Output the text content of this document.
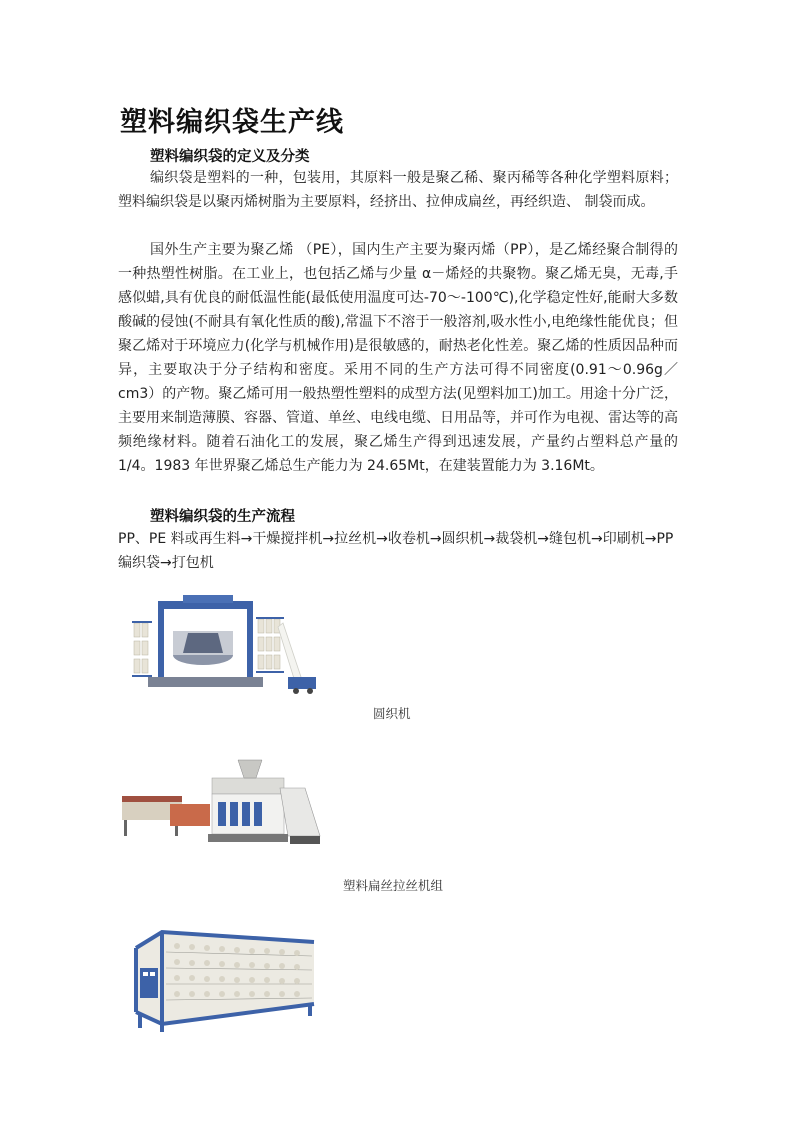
塑料编织袋生产线
塑料编织袋的定义及分类
编织袋是塑料的一种，包装用，其原料一般是聚乙稀、聚丙稀等各种化学塑料原料；塑料编织袋是以聚丙烯树脂为主要原料，经挤出、拉伸成扁丝，再经织造、 制袋而成。
国外生产主要为聚乙烯 （PE），国内生产主要为聚丙烯（PP），是乙烯经聚合制得的一种热塑性树脂。在工业上，也包括乙烯与少量 α－烯烃的共聚物。聚乙烯无臭，无毒,手感似蜡,具有优良的耐低温性能(最低使用温度可达-70～-100℃),化学稳定性好,能耐大多数酸碱的侵蚀(不耐具有氧化性质的酸),常温下不溶于一般溶剂,吸水性小,电绝缘性能优良；但聚乙烯对于环境应力(化学与机械作用)是很敏感的，耐热老化性差。聚乙烯的性质因品种而异，主要取决于分子结构和密度。采用不同的生产方法可得不同密度(0.91～0.96g／cm3）的产物。聚乙烯可用一般热塑性塑料的成型方法(见塑料加工)加工。用途十分广泛，主要用来制造薄膜、容器、管道、单丝、电线电缆、日用品等，并可作为电视、雷达等的高频绝缘材料。随着石油化工的发展，聚乙烯生产得到迅速发展，产量约占塑料总产量的 1/4。1983 年世界聚乙烯总生产能力为 24.65Mt，在建装置能力为 3.16Mt。
塑料编织袋的生产流程
PP、PE 料或再生料→干燥搅拌机→拉丝机→收卷机→圆织机→裁袋机→缝包机→印刷机→PP 编织袋→打包机
圆织机
塑料扁丝拉丝机组
